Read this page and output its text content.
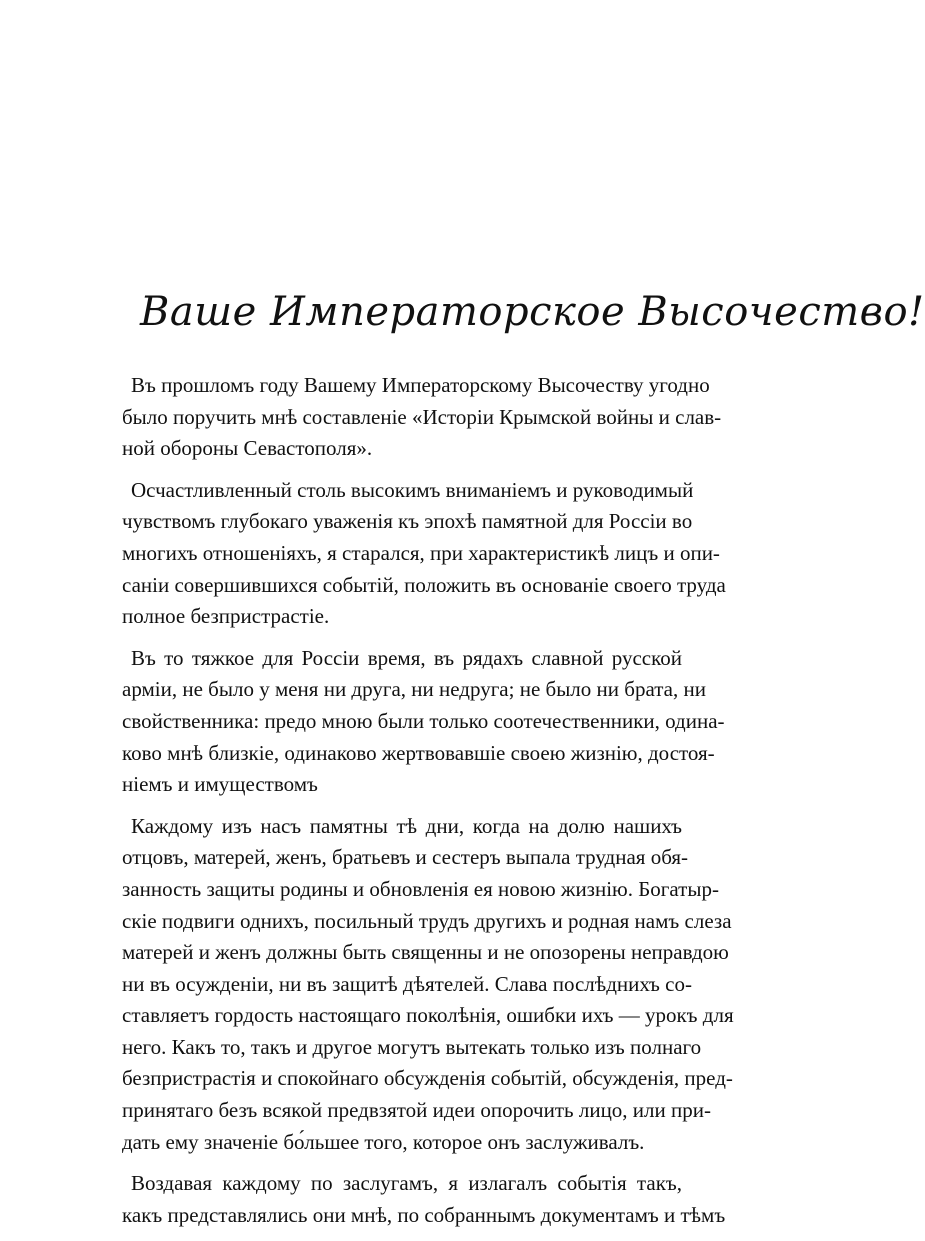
Ваше Императорское Высочество!
Въ прошломъ году Вашему Императорскому Высочеству угодно
было поручить мнѣ составленіе «Исторіи Крымской войны и слав-
ной обороны Севастополя».
Осчастливленный столь высокимъ вниманіемъ и руководимый
чувствомъ глубокаго уваженія къ эпохѣ памятной для Россіи во
многихъ отношеніяхъ, я старался, при характеристикѣ лицъ и опи-
саніи совершившихся событій, положить въ основаніе своего труда
полное безпристрастіе.
Въ то тяжкое для Россіи время, въ рядахъ славной русской
арміи, не было у меня ни друга, ни недруга; не было ни брата, ни
свойственника: предо мною были только соотечественники, одина-
ково мнѣ близкіе, одинаково жертвовавшіе своею жизнію, достоя-
ніемъ и имуществомъ
Каждому изъ насъ памятны тѣ дни, когда на долю нашихъ
отцовъ, матерей, женъ, братьевъ и сестеръ выпала трудная обя-
занность защиты родины и обновленія ея новою жизнію. Богатыр-
скіе подвиги однихъ, посильный трудъ другихъ и родная намъ слеза
матерей и женъ должны быть священны и не опозорены неправдою
ни въ осужденіи, ни въ защитѣ дѣятелей. Слава послѣднихъ со-
ставляетъ гордость настоящаго поколѣнія, ошибки ихъ — урокъ для
него. Какъ то, такъ и другое могутъ вытекать только изъ полнаго
безпристрастія и спокойнаго обсужденія событій, обсужденія, пред-
принятаго безъ всякой предвзятой идеи опорочить лицо, или при-
дать ему значеніе бо́льшее того, которое онъ заслуживалъ.
Воздавая каждому по заслугамъ, я излагалъ событія такъ,
какъ представлялись они мнѣ, по собраннымъ документамъ и тѣмъ
